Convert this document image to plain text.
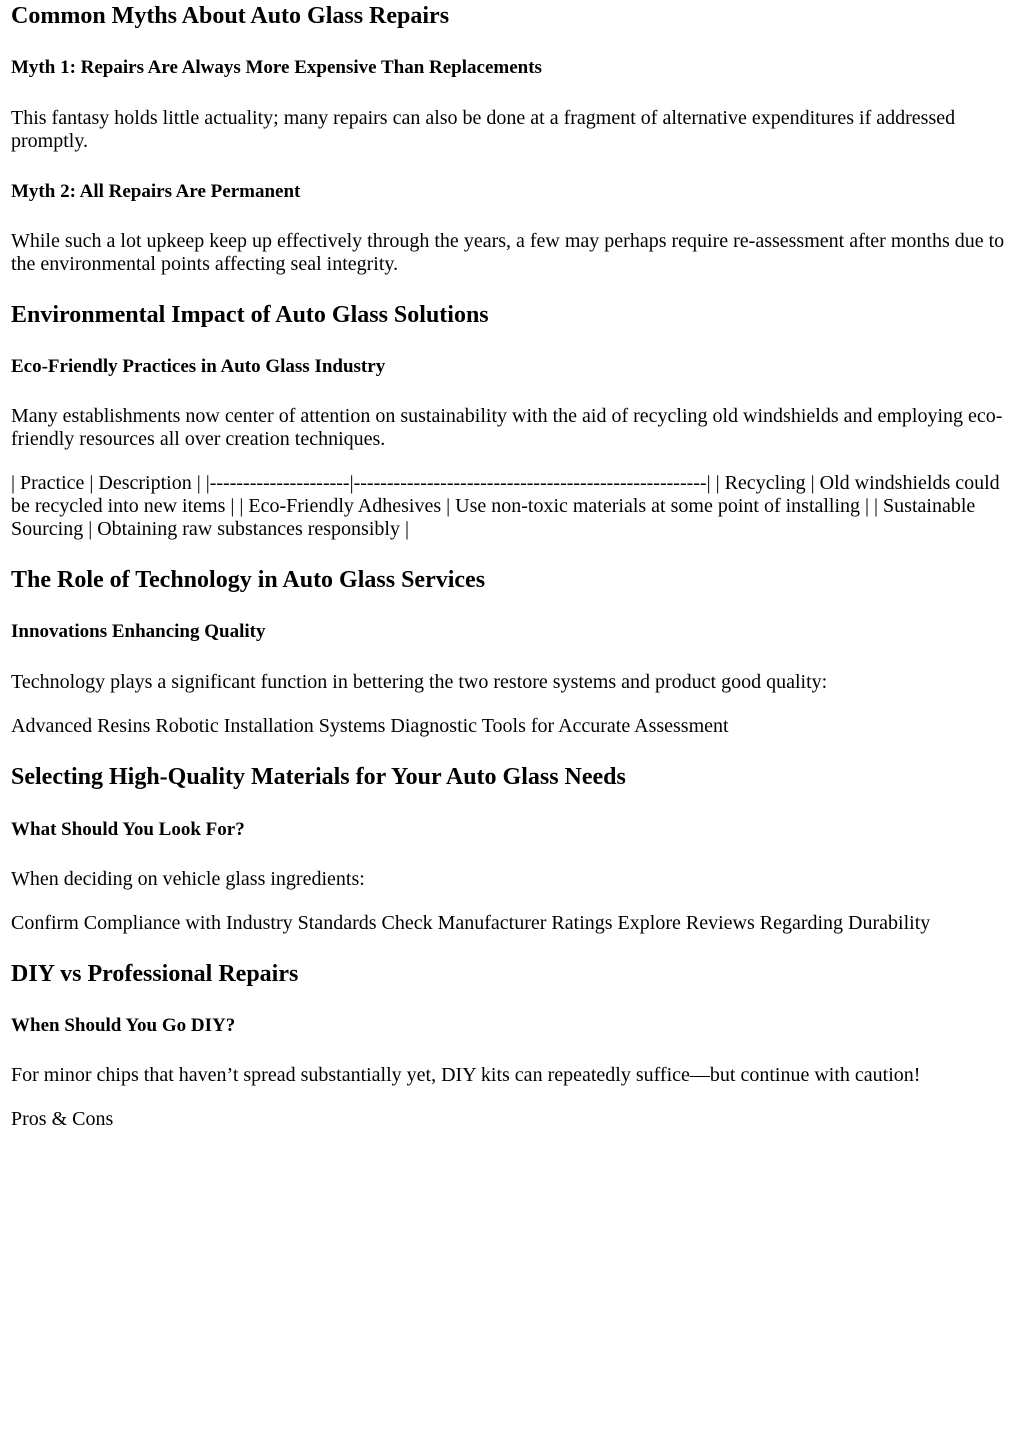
Common Myths About Auto Glass Repairs
Myth 1: Repairs Are Always More Expensive Than Replacements

This fantasy holds little actuality; many repairs can also be done at a fragment of alternative expenditures if addressed promptly.

Myth 2: All Repairs Are Permanent

While such a lot upkeep keep up effectively through the years, a few may perhaps require re-assessment after months due to the environmental points affecting seal integrity.

Environmental Impact of Auto Glass Solutions
Eco-Friendly Practices in Auto Glass Industry

Many establishments now center of attention on sustainability with the aid of recycling old windshields and employing eco-friendly resources all over creation techniques.

| Practice | Description | |---------------------|-----------------------------------------------------| | Recycling | Old windshields could be recycled into new items | | Eco-Friendly Adhesives | Use non-toxic materials at some point of installing | | Sustainable Sourcing | Obtaining raw substances responsibly |

The Role of Technology in Auto Glass Services
Innovations Enhancing Quality

Technology plays a significant function in bettering the two restore systems and product good quality:

Advanced Resins Robotic Installation Systems Diagnostic Tools for Accurate Assessment

Selecting High-Quality Materials for Your Auto Glass Needs
What Should You Look For?

When deciding on vehicle glass ingredients:

Confirm Compliance with Industry Standards Check Manufacturer Ratings Explore Reviews Regarding Durability

DIY vs Professional Repairs
When Should You Go DIY?

For minor chips that haven’t spread substantially yet, DIY kits can repeatedly suffice—but continue with caution!

Pros & Cons
